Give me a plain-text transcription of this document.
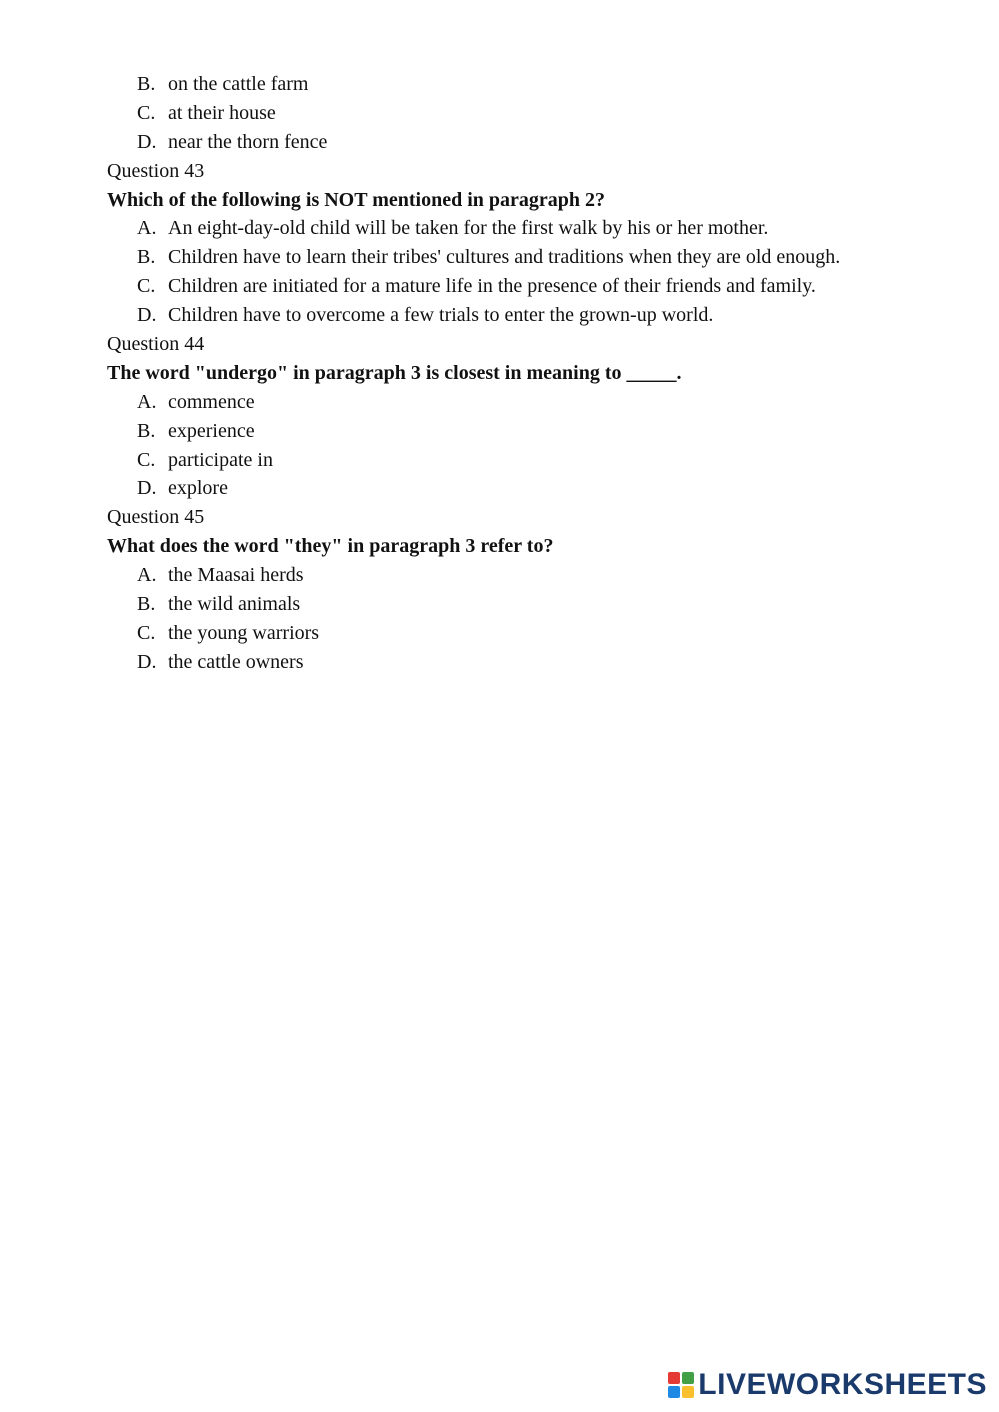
B. on the cattle farm
C. at their house
D. near the thorn fence
Question 43
Which of the following is NOT mentioned in paragraph 2?
A. An eight-day-old child will be taken for the first walk by his or her mother.
B. Children have to learn their tribes' cultures and traditions when they are old enough.
C. Children are initiated for a mature life in the presence of their friends and family.
D. Children have to overcome a few trials to enter the grown-up world.
Question 44
The word "undergo" in paragraph 3 is closest in meaning to _____.
A. commence
B. experience
C. participate in
D. explore
Question 45
What does the word "they" in paragraph 3 refer to?
A. the Maasai herds
B. the wild animals
C. the young warriors
D. the cattle owners
LIVEWORKSHEETS
